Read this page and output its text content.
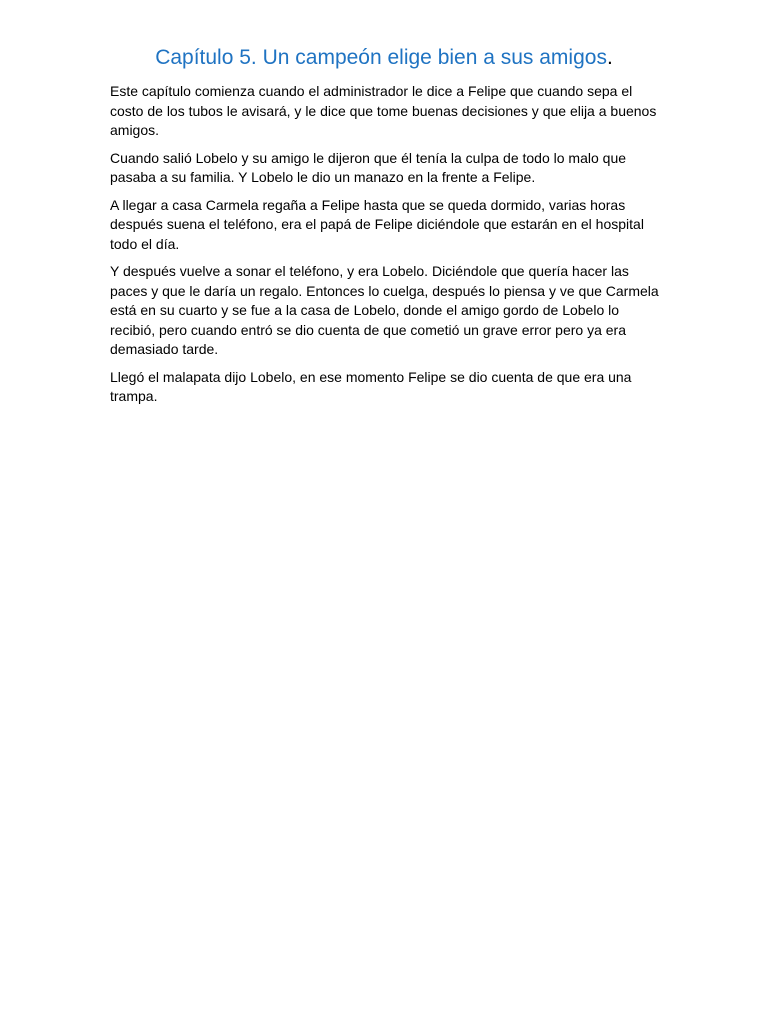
Capítulo 5. Un campeón elige bien a sus amigos.

Este capítulo comienza cuando el administrador le dice a Felipe que cuando sepa el costo de los tubos le avisará, y le dice que tome buenas decisiones y que elija a buenos amigos.

Cuando salió Lobelo y su amigo le dijeron que él tenía la culpa de todo lo malo que pasaba a su familia. Y Lobelo le dio un manazo en la frente a Felipe.

A llegar a casa Carmela regaña a Felipe hasta que se queda dormido, varias horas después suena el teléfono, era el papá de Felipe diciéndole que estarán en el hospital todo el día.

Y después vuelve a sonar el teléfono, y era Lobelo. Diciéndole que quería hacer las paces y que le daría un regalo. Entonces lo cuelga, después lo piensa y ve que Carmela está en su cuarto y se fue a la casa de Lobelo, donde el amigo gordo de Lobelo lo recibió, pero cuando entró se dio cuenta de que cometió un grave error pero ya era demasiado tarde.

Llegó el malapata dijo Lobelo, en ese momento Felipe se dio cuenta de que era una trampa.
